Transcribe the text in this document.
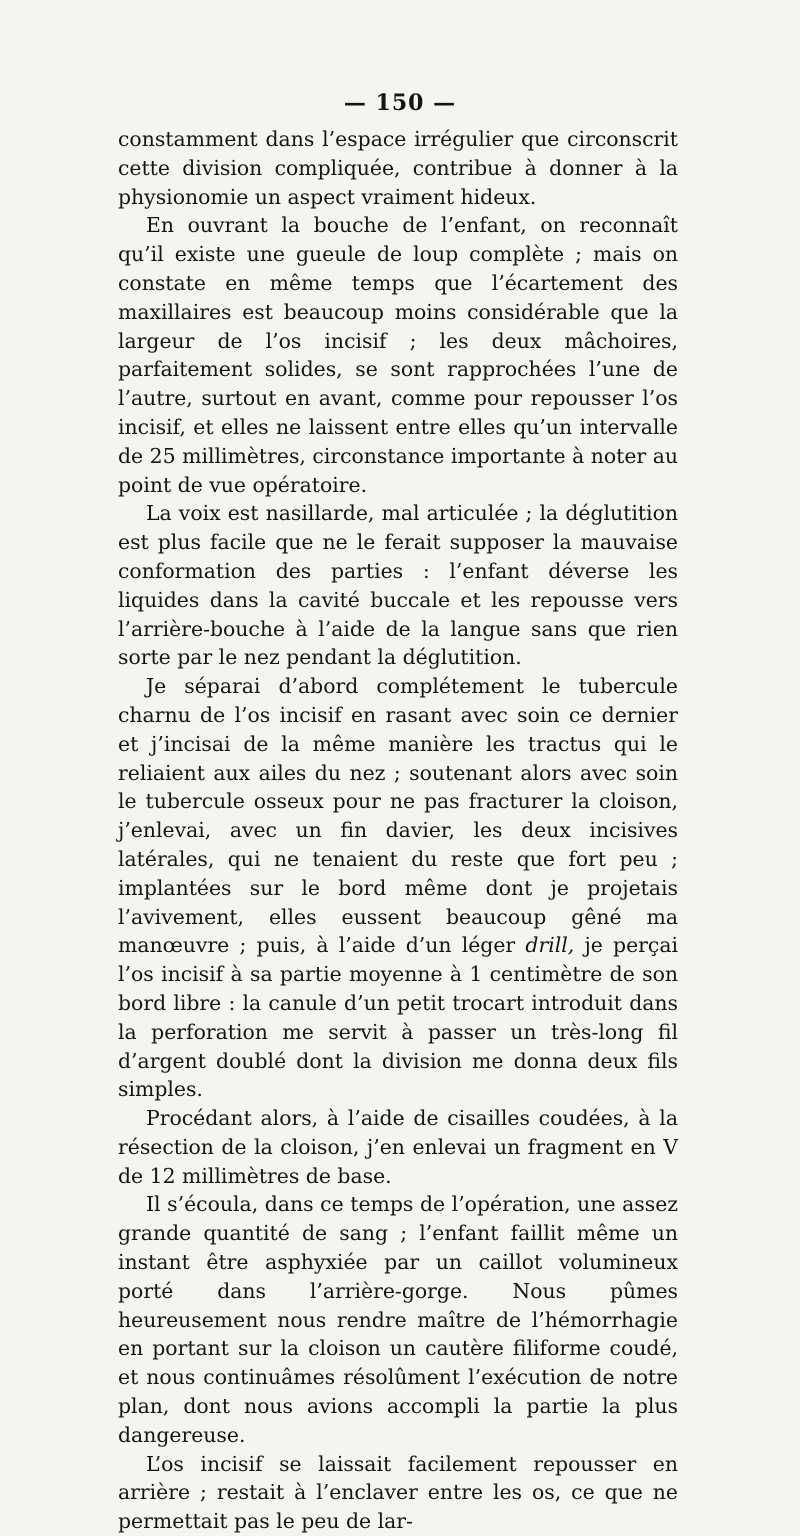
— 150 —

constamment dans l’espace irrégulier que circonscrit cette division compliquée, contribue à donner à la physionomie un aspect vraiment hideux.

En ouvrant la bouche de l’enfant, on reconnaît qu’il existe une gueule de loup complète ; mais on constate en même temps que l’écartement des maxillaires est beaucoup moins considérable que la largeur de l’os incisif ; les deux mâchoires, parfaitement solides, se sont rapprochées l’une de l’autre, surtout en avant, comme pour repousser l’os incisif, et elles ne laissent entre elles qu’un intervalle de 25 millimètres, circonstance importante à noter au point de vue opératoire.

La voix est nasillarde, mal articulée ; la déglutition est plus facile que ne le ferait supposer la mauvaise conformation des parties : l’enfant déverse les liquides dans la cavité buccale et les repousse vers l’arrière-bouche à l’aide de la langue sans que rien sorte par le nez pendant la déglutition.

Je séparai d’abord complétement le tubercule charnu de l’os incisif en rasant avec soin ce dernier et j’incisai de la même manière les tractus qui le reliaient aux ailes du nez ; soutenant alors avec soin le tubercule osseux pour ne pas fracturer la cloison, j’enlevai, avec un fin davier, les deux incisives latérales, qui ne tenaient du reste que fort peu ; implantées sur le bord même dont je projetais l’avivement, elles eussent beaucoup gêné ma manœuvre ; puis, à l’aide d’un léger drill, je perçai l’os incisif à sa partie moyenne à 1 centimètre de son bord libre : la canule d’un petit trocart introduit dans la perforation me servit à passer un très-long fil d’argent doublé dont la division me donna deux fils simples.

Procédant alors, à l’aide de cisailles coudées, à la résection de la cloison, j’en enlevai un fragment en V de 12 millimètres de base.

Il s’écoula, dans ce temps de l’opération, une assez grande quantité de sang ; l’enfant faillit même un instant être asphyxiée par un caillot volumineux porté dans l’arrière-gorge. Nous pûmes heureusement nous rendre maître de l’hémorrhagie en portant sur la cloison un cautère filiforme coudé, et nous continuâmes résolûment l’exécution de notre plan, dont nous avions accompli la partie la plus dangereuse.

L’os incisif se laissait facilement repousser en arrière ; restait à l’enclaver entre les os, ce que ne permettait pas le peu de lar-
